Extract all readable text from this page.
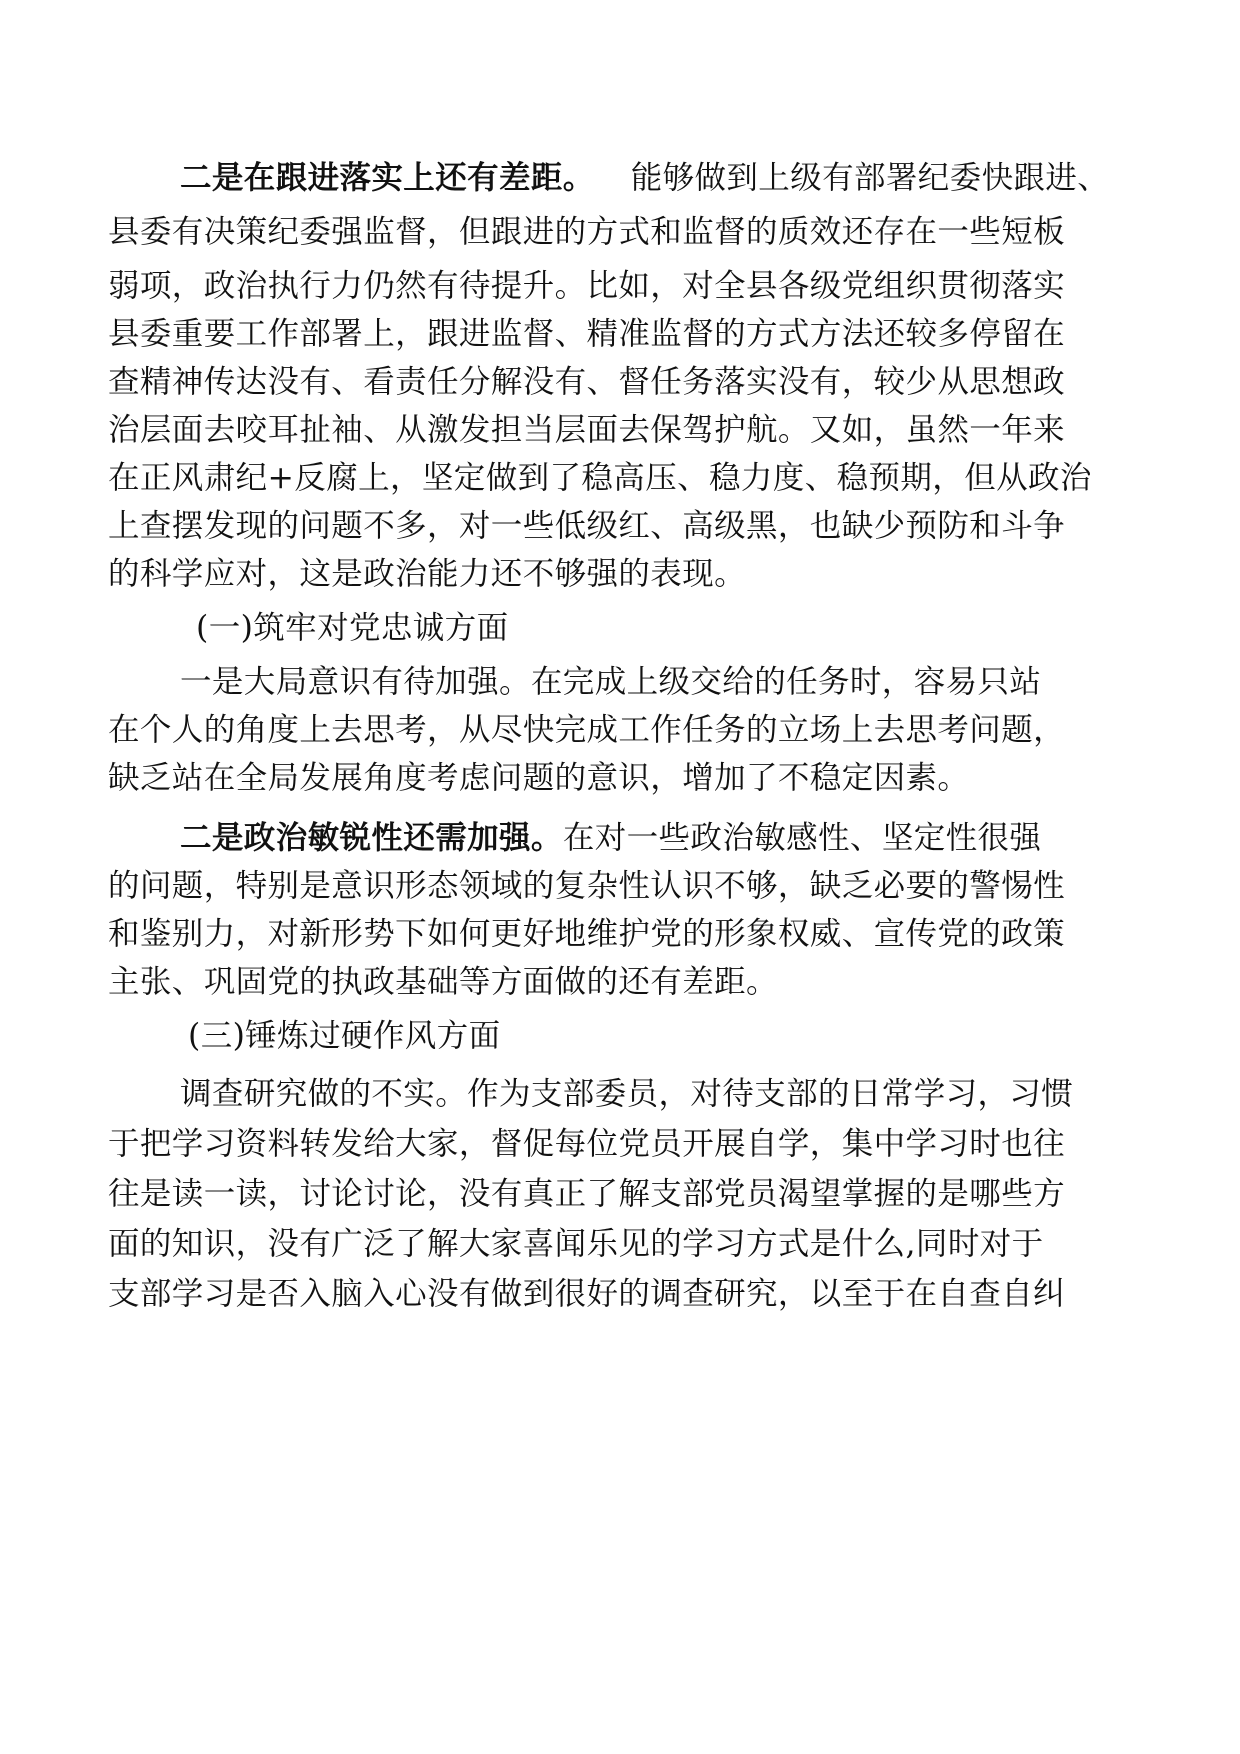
二是在跟进落实上还有差距。 能够做到上级有部署纪委快跟进、
县委有决策纪委强监督，但跟进的方式和监督的质效还存在一些短板
弱项，政治执行力仍然有待提升。比如，对全县各级党组织贯彻落实
县委重要工作部署上，跟进监督、精准监督的方式方法还较多停留在
查精神传达没有、看责任分解没有、督任务落实没有，较少从思想政
治层面去咬耳扯袖、从激发担当层面去保驾护航。又如，虽然一年来
在正风肃纪+反腐上，坚定做到了稳高压、稳力度、稳预期，但从政治
上查摆发现的问题不多，对一些低级红、高级黑，也缺少预防和斗争
的科学应对，这是政治能力还不够强的表现。
(一)筑牢对党忠诚方面
一是大局意识有待加强。在完成上级交给的任务时，容易只站
在个人的角度上去思考，从尽快完成工作任务的立场上去思考问题，
缺乏站在全局发展角度考虑问题的意识，增加了不稳定因素。
二是政治敏锐性还需加强。在对一些政治敏感性、坚定性很强
的问题，特别是意识形态领域的复杂性认识不够，缺乏必要的警惕性
和鉴别力，对新形势下如何更好地维护党的形象权威、宣传党的政策
主张、巩固党的执政基础等方面做的还有差距。
(三)锤炼过硬作风方面
调查研究做的不实。作为支部委员，对待支部的日常学习，习惯
于把学习资料转发给大家，督促每位党员开展自学，集中学习时也往
往是读一读，讨论讨论，没有真正了解支部党员渴望掌握的是哪些方
面的知识，没有广泛了解大家喜闻乐见的学习方式是什么,同时对于
支部学习是否入脑入心没有做到很好的调查研究，以至于在自查自纠
